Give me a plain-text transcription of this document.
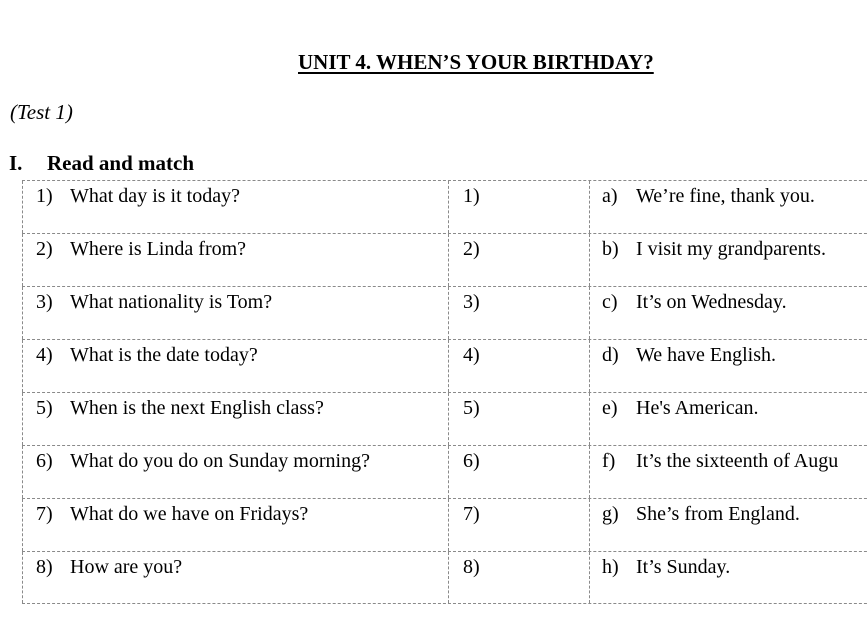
UNIT 4. WHEN’S YOUR BIRTHDAY?
(Test 1)
I. Read and match
1) What day is it today?	1)	a) We’re fine, thank you.
2) Where is Linda from?	2)	b) I visit my grandparents.
3) What nationality is Tom?	3)	c) It’s on Wednesday.
4) What is the date today?	4)	d) We have English.
5) When is the next English class?	5)	e) He's American.
6) What do you do on Sunday morning?	6)	f) It’s the sixteenth of Augu
7) What do we have on Fridays?	7)	g) She’s from England.
8) How are you?	8)	h) It’s Sunday.
